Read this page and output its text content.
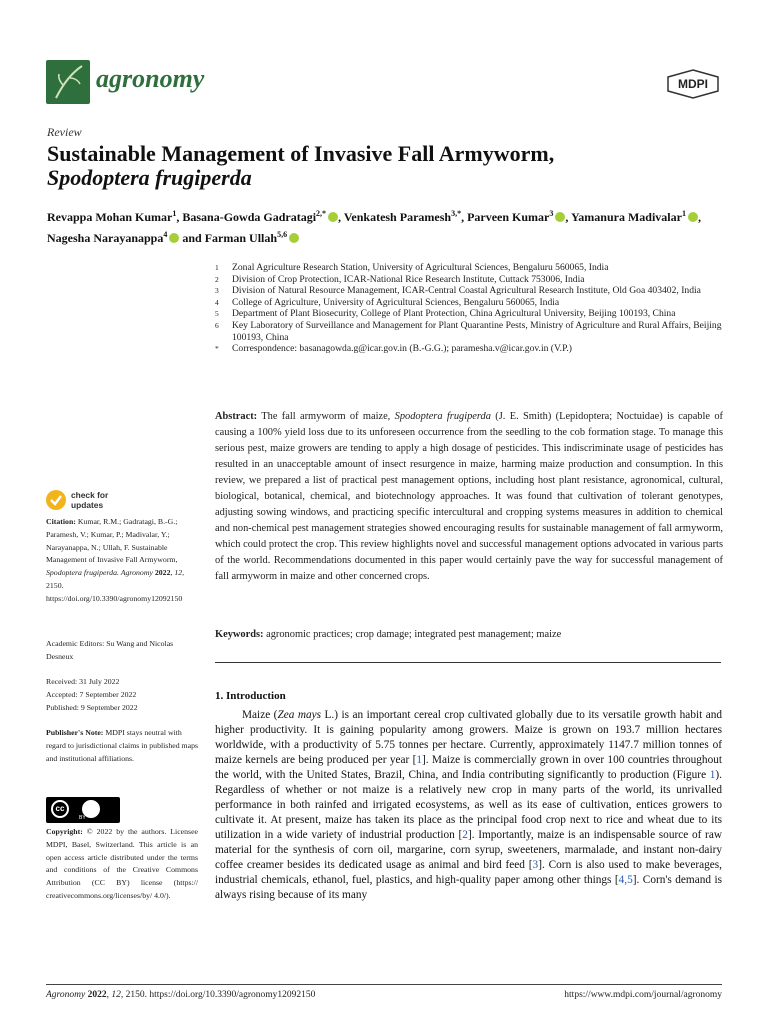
agronomy	MDPI
Review
Sustainable Management of Invasive Fall Armyworm,
Spodoptera frugiperda
Revappa Mohan Kumar$^1$, Basana-Gowda Gadratagi$^{2,*}$ , Venkatesh Paramesh$^{3,*}$, Parveen Kumar$^3$ , Yamanura Madivalar$^1$ , Nagesha Narayanappa$^4$ and Farman Ullah$^{5,6}$
1	Zonal Agriculture Research Station, University of Agricultural Sciences, Bengaluru 560065, India
2	Division of Crop Protection, ICAR-National Rice Research Institute, Cuttack 753006, India
3	Division of Natural Resource Management, ICAR-Central Coastal Agricultural Research Institute, Old Goa 403402, India
4	College of Agriculture, University of Agricultural Sciences, Bengaluru 560065, India
5	Department of Plant Biosecurity, College of Plant Protection, China Agricultural University, Beijing 100193, China
6	Key Laboratory of Surveillance and Management for Plant Quarantine Pests, Ministry of Agriculture and Rural Affairs, Beijing 100193, China
*	Correspondence: basanagowda.g@icar.gov.in (B.-G.G.); paramesha.v@icar.gov.in (V.P.)
check for
updates
Citation: Kumar, R.M.; Gadratagi, B.-G.; Paramesh, V.; Kumar, P.; Madivalar, Y.; Narayanappa, N.; Ullah, F. Sustainable Management of Invasive Fall Armyworm, Spodoptera frugiperda. Agronomy 2022, 12, 2150. https://doi.org/10.3390/agronomy12092150
Academic Editors: Su Wang and Nicolas Desneux
Received: 31 July 2022
Accepted: 7 September 2022
Published: 9 September 2022
Publisher's Note: MDPI stays neutral with regard to jurisdictional claims in published maps and institutional affiliations.
cc
BY
Copyright: © 2022 by the authors. Licensee MDPI, Basel, Switzerland. This article is an open access article distributed under the terms and conditions of the Creative Commons Attribution (CC BY) license (https:// creativecommons.org/licenses/by/ 4.0/).
Abstract: The fall armyworm of maize, Spodoptera frugiperda (J. E. Smith) (Lepidoptera; Noctuidae) is capable of causing a 100% yield loss due to its unforeseen occurrence from the seedling to the cob formation stage. To manage this serious pest, maize growers are tending to apply a high dosage of pesticides. This indiscriminate usage of pesticides has resulted in an unacceptable amount of insect resurgence in maize, harming maize production and consumption. In this review, we prepared a list of practical pest management options, including host plant resistance, agronomical, cultural, biological, botanical, chemical, and biotechnology approaches. It was found that cultivation of tolerant genotypes, adjusting sowing windows, and practicing specific intercultural and cropping systems measures in addition to chemical and non-chemical pest management strategies showed encouraging results for sustainable management of fall armyworm, which could protect the crop. This review highlights novel and successful management options advocated in various parts of the world. Recommendations documented in this paper would certainly pave the way for successful management of fall armyworm in maize and other concerned crops.
Keywords: agronomic practices; crop damage; integrated pest management; maize
1. Introduction
Maize (Zea mays L.) is an important cereal crop cultivated globally due to its versatile growth habit and higher productivity. It is gaining popularity among growers. Maize is grown on 193.7 million hectares worldwide, with a productivity of 5.75 tonnes per hectare. Currently, approximately 1147.7 million tonnes of maize kernels are being produced per year [1]. Maize is commercially grown in over 100 countries throughout the world, with the United States, Brazil, China, and India contributing significantly to production (Figure 1). Regardless of whether or not maize is a relatively new crop in many parts of the world, its unrivalled performance in both rainfed and irrigated ecosystems, as well as its ease of cultivation, entices growers to cultivate it. At present, maize has taken its place as the principal food crop next to rice and wheat due to its utilization in a wide variety of industrial production [2]. Importantly, maize is an indispensable source of raw material for the synthesis of corn oil, margarine, corn syrup, sweeteners, marmalade, and instant non-dairy coffee creamer besides its dedicated usage as animal and bird feed [3]. Corn is also used to make beverages, industrial chemicals, ethanol, fuel, plastics, and high-quality paper among other things [4,5]. Corn's demand is always rising because of its many
Agronomy 2022, 12, 2150. https://doi.org/10.3390/agronomy12092150	https://www.mdpi.com/journal/agronomy
